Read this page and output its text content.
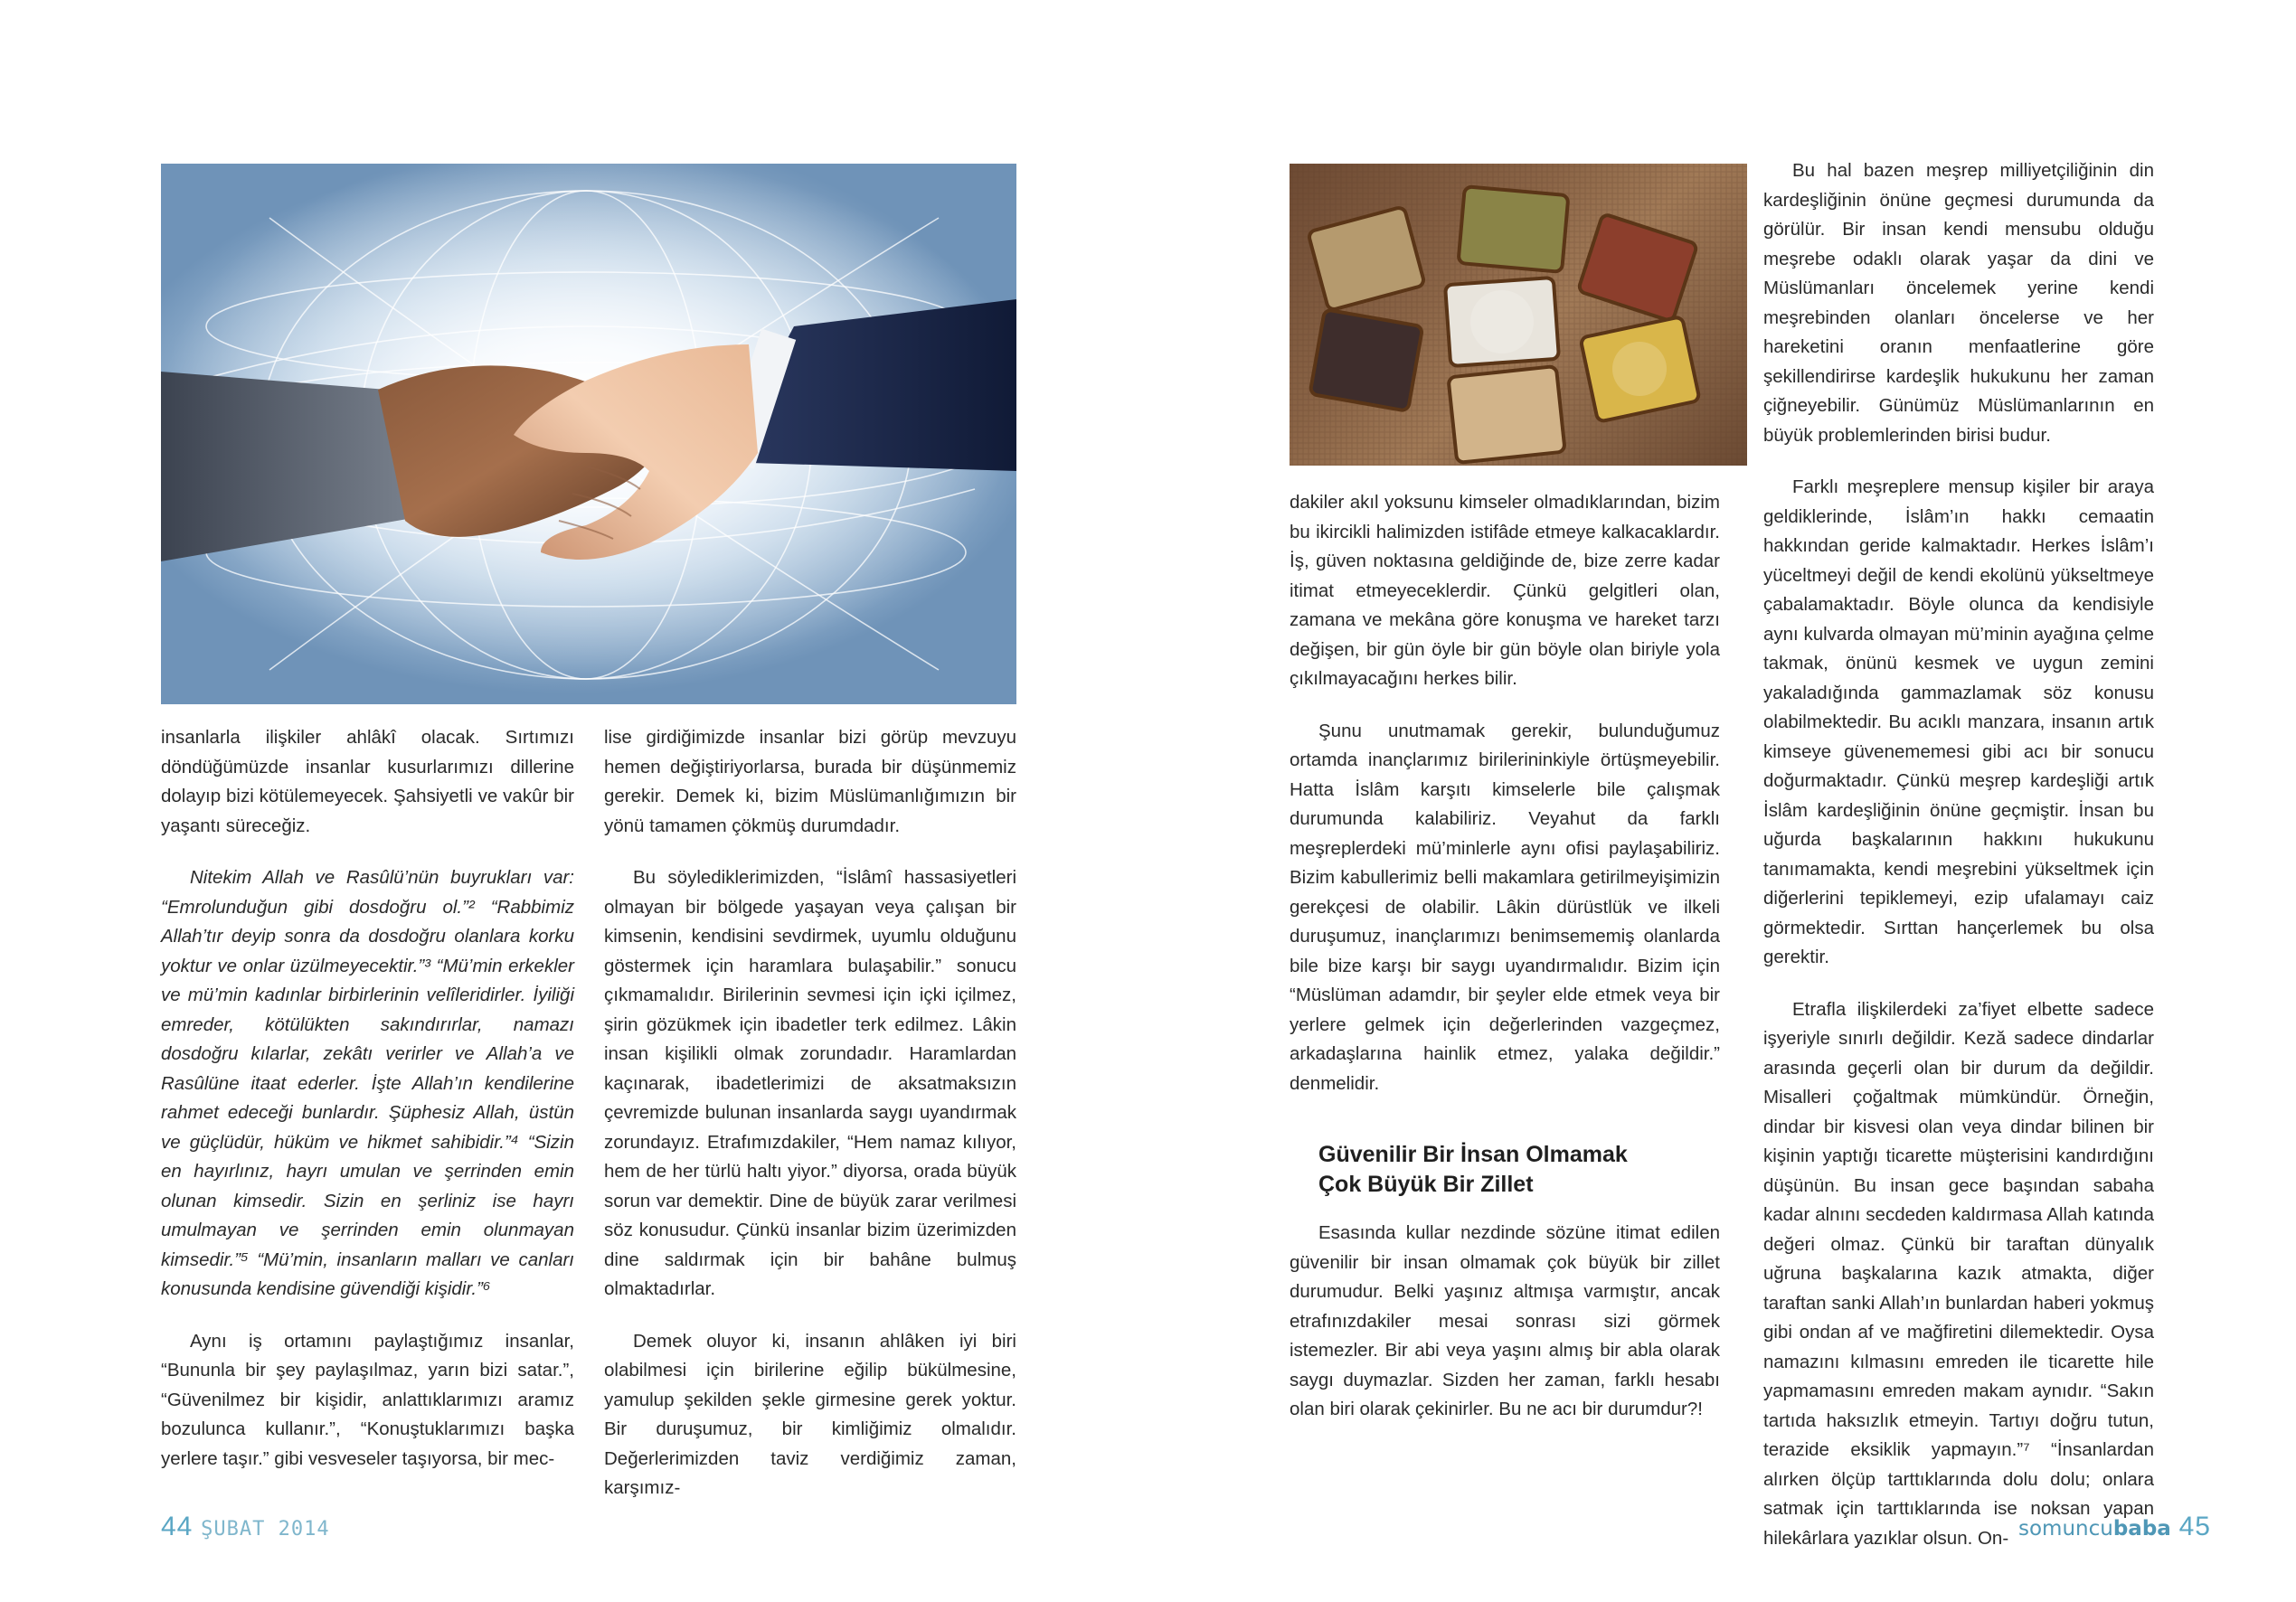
insanlarla ilişkiler ahlâkî olacak. Sırtımızı döndüğümüzde insanlar kusurlarımızı dillerine dolayıp bizi kötülemeyecek. Şahsiyetli ve vakûr bir yaşantı süreceğiz.

Nitekim Allah ve Rasûlü’nün buyrukları var: “Emrolunduğun gibi dosdoğru ol.”² “Rabbimiz Allah’tır deyip sonra da dosdoğru olanlara korku yoktur ve onlar üzülmeyecektir.”³ “Mü’min erkekler ve mü’min kadınlar birbirlerinin velîleridirler. İyiliği emreder, kötülükten sakındırırlar, namazı dosdoğru kılarlar, zekâtı verirler ve Allah’a ve Rasûlüne itaat ederler. İşte Allah’ın kendilerine rahmet edeceği bunlardır. Şüphesiz Allah, üstün ve güçlüdür, hüküm ve hikmet sahibidir.”⁴ “Sizin en hayırlınız, hayrı umulan ve şerrinden emin olunan kimsedir. Sizin en şerliniz ise hayrı umulmayan ve şerrinden emin olunmayan kimsedir.”⁵ “Mü’min, insanların malları ve canları konusunda kendisine güvendiği kişidir.”⁶

Aynı iş ortamını paylaştığımız insanlar, “Bununla bir şey paylaşılmaz, yarın bizi satar.”, “Güvenilmez bir kişidir, anlattıklarımızı aramız bozulunca kullanır.”, “Konuştuklarımızı başka yerlere taşır.” gibi vesveseler taşıyorsa, bir mec-

lise girdiğimizde insanlar bizi görüp mevzuyu hemen değiştiriyorlarsa, burada bir düşünmemiz gerekir. Demek ki, bizim Müslümanlığımızın bir yönü tamamen çökmüş durumdadır.

Bu söylediklerimizden, “İslâmî hassasiyetleri olmayan bir bölgede yaşayan veya çalışan bir kimsenin, kendisini sevdirmek, uyumlu olduğunu göstermek için haramlara bulaşabilir.” sonucu çıkmamalıdır. Birilerinin sevmesi için içki içilmez, şirin gözükmek için ibadetler terk edilmez. Lâkin insan kişilikli olmak zorundadır. Haramlardan kaçınarak, ibadetlerimizi de aksatmaksızın çevremizde bulunan insanlarda saygı uyandırmak zorundayız. Etrafımızdakiler, “Hem namaz kılıyor, hem de her türlü haltı yiyor.” diyorsa, orada büyük sorun var demektir. Dine de büyük zarar verilmesi söz konusudur. Çünkü insanlar bizim üzerimizden dine saldırmak için bir bahâne bulmuş olmaktadırlar.

Demek oluyor ki, insanın ahlâken iyi biri olabilmesi için birilerine eğilip bükülmesine, yamulup şekilden şekle girmesine gerek yoktur. Bir duruşumuz, bir kimliğimiz olmalıdır. Değerlerimizden taviz verdiğimiz zaman, karşımız-

44 ŞUBAT 2014

dakiler akıl yoksunu kimseler olmadıklarından, bizim bu ikircikli halimizden istifâde etmeye kalkacaklardır. İş, güven noktasına geldiğinde de, bize zerre kadar itimat etmeyeceklerdir. Çünkü gelgitleri olan, zamana ve mekâna göre konuşma ve hareket tarzı değişen, bir gün öyle bir gün böyle olan biriyle yola çıkılmayacağını herkes bilir.

Şunu unutmamak gerekir, bulunduğumuz ortamda inançlarımız birilerininkiyle örtüşmeyebilir. Hatta İslâm karşıtı kimselerle bile çalışmak durumunda kalabiliriz. Veyahut da farklı meşreplerdeki mü’minlerle aynı ofisi paylaşabiliriz. Bizim kabullerimiz belli makamlara getirilmeyişimizin gerekçesi de olabilir. Lâkin dürüstlük ve ilkeli duruşumuz, inançlarımızı benimsememiş olanlarda bile bize karşı bir saygı uyandırmalıdır. Bizim için “Müslüman adamdır, bir şeyler elde etmek veya bir yerlere gelmek için değerlerinden vazgeçmez, arkadaşlarına hainlik etmez, yalaka değildir.” denmelidir.

Güvenilir Bir İnsan Olmamak
Çok Büyük Bir Zillet

Esasında kullar nezdinde sözüne itimat edilen güvenilir bir insan olmamak çok büyük bir zillet durumudur. Belki yaşınız altmışa varmıştır, ancak etrafınızdakiler mesai sonrası sizi görmek istemezler. Bir abi veya yaşını almış bir abla olarak saygı duymazlar. Sizden her zaman, farklı hesabı olan biri olarak çekinirler. Bu ne acı bir durumdur?!

Bu hal bazen meşrep milliyetçiliğinin din kardeşliğinin önüne geçmesi durumunda da görülür. Bir insan kendi mensubu olduğu meşrebe odaklı olarak yaşar da dini ve Müslümanları öncelemek yerine kendi meşrebinden olanları öncelerse ve her hareketini oranın menfaatlerine göre şekillendirirse kardeşlik hukukunu her zaman çiğneyebilir. Günümüz Müslümanlarının en büyük problemlerinden birisi budur.

Farklı meşreplere mensup kişiler bir araya geldiklerinde, İslâm’ın hakkı cemaatin hakkından geride kalmaktadır. Herkes İslâm’ı yüceltmeyi değil de kendi ekolünü yükseltmeye çabalamaktadır. Böyle olunca da kendisiyle aynı kulvarda olmayan mü’minin ayağına çelme takmak, önünü kesmek ve uygun zemini yakaladığında gammazlamak söz konusu olabilmektedir. Bu acıklı manzara, insanın artık kimseye güvenememesi gibi acı bir sonucu doğurmaktadır. Çünkü meşrep kardeşliği artık İslâm kardeşliğinin önüne geçmiştir. İnsan bu uğurda başkalarının hakkını hukukunu tanımamakta, kendi meşrebini yükseltmek için diğerlerini tepiklemeyi, ezip ufalamayı caiz görmektedir. Sırttan hançerlemek bu olsa gerektir.

Etrafla ilişkilerdeki za’fiyet elbette sadece işyeriyle sınırlı değildir. Keză sadece dindarlar arasında geçerli olan bir durum da değildir. Misalleri çoğaltmak mümkündür. Örneğin, dindar bir kisvesi olan veya dindar bilinen bir kişinin yaptığı ticarette müşterisini kandırdığını düşünün. Bu insan gece başından sabaha kadar alnını secdeden kaldırmasa Allah katında değeri olmaz. Çünkü bir taraftan dünyalık uğruna başkalarına kazık atmakta, diğer taraftan sanki Allah’ın bunlardan haberi yokmuş gibi ondan af ve mağfiretini dilemektedir. Oysa namazını kılmasını emreden ile ticarette hile yapmamasını emreden makam aynıdır. “Sakın tartıda haksızlık etmeyin. Tartıyı doğru tutun, terazide eksiklik yapmayın.”⁷ “İnsanlardan alırken ölçüp tarttıklarında dolu dolu; onlara satmak için tarttıklarında ise noksan yapan hilekârlara yazıklar olsun. On- somuncubaba 45
